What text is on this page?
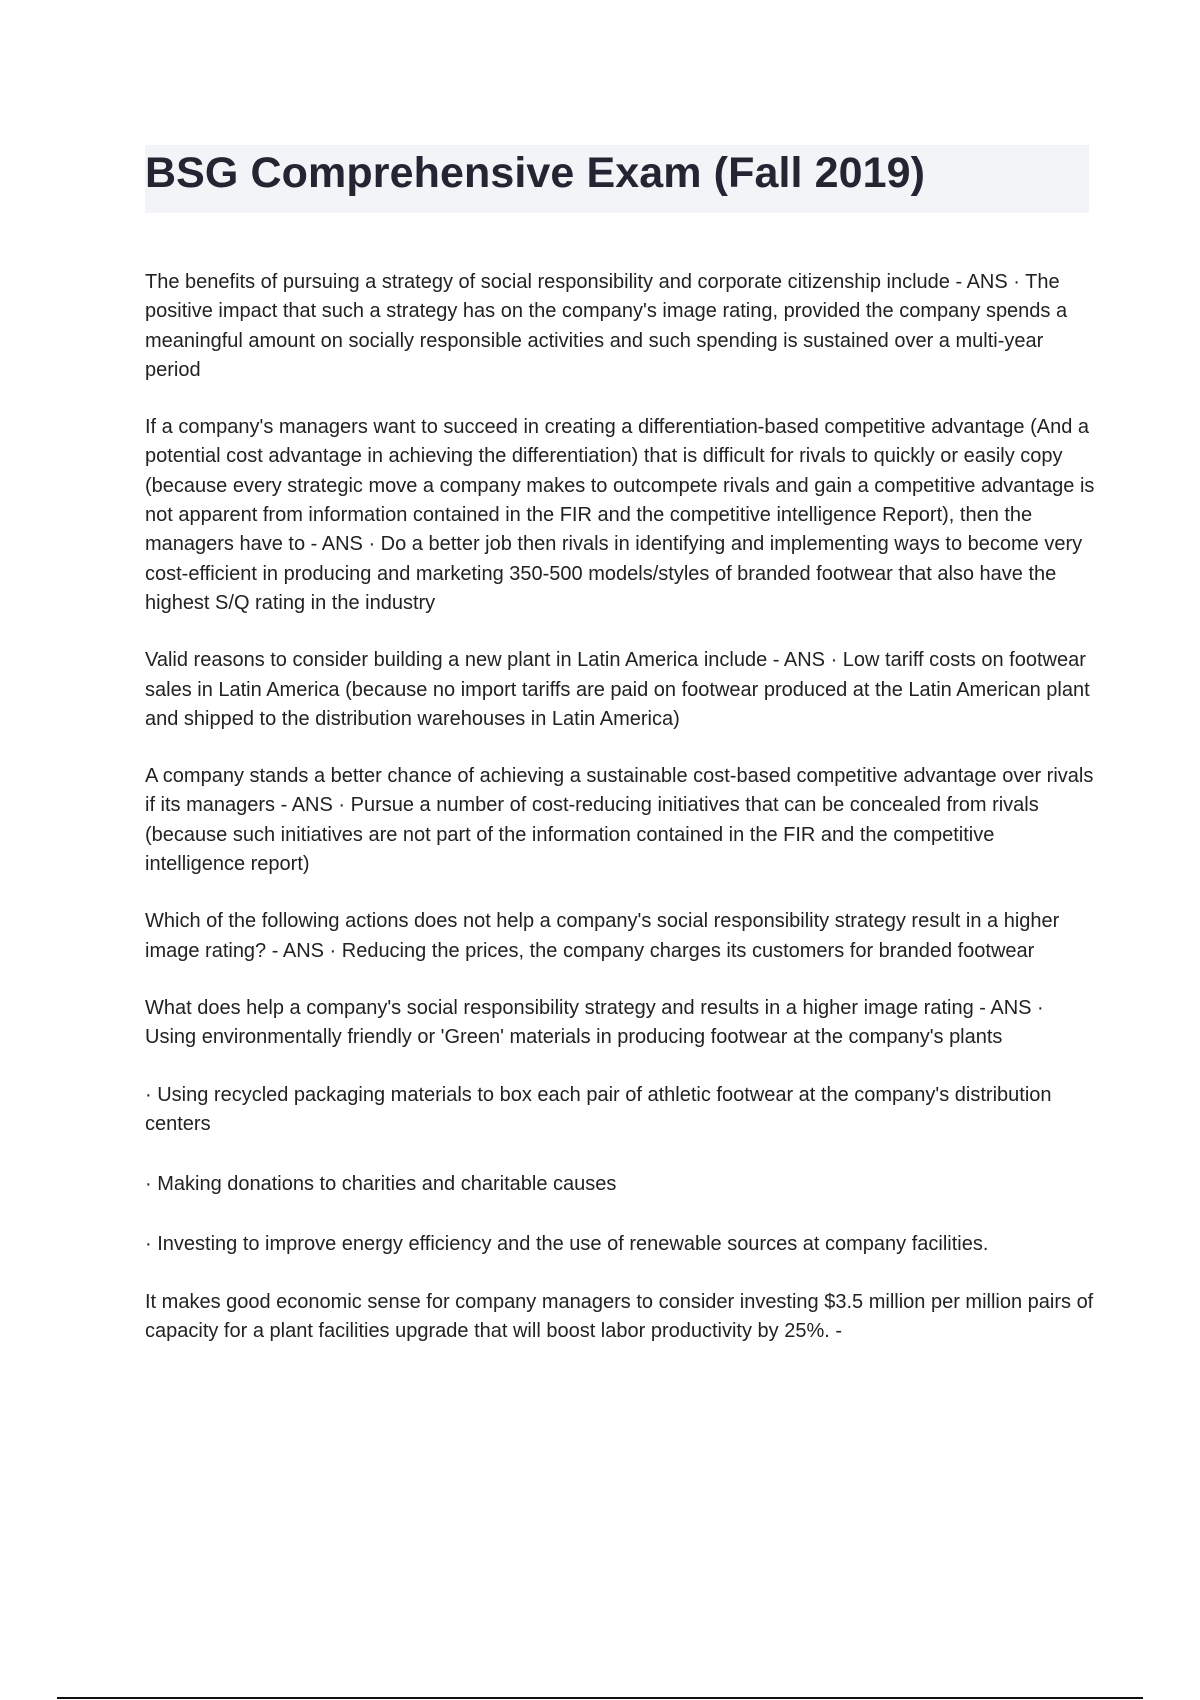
BSG Comprehensive Exam (Fall 2019)

The benefits of pursuing a strategy of social responsibility and corporate citizenship include - ANS · The positive impact that such a strategy has on the company's image rating, provided the company spends a meaningful amount on socially responsible activities and such spending is sustained over a multi-year period

If a company's managers want to succeed in creating a differentiation-based competitive advantage (And a potential cost advantage in achieving the differentiation) that is difficult for rivals to quickly or easily copy (because every strategic move a company makes to outcompete rivals and gain a competitive advantage is not apparent from information contained in the FIR and the competitive intelligence Report), then the managers have to - ANS · Do a better job then rivals in identifying and implementing ways to become very cost-efficient in producing and marketing 350-500 models/styles of branded footwear that also have the highest S/Q rating in the industry

Valid reasons to consider building a new plant in Latin America include - ANS · Low tariff costs on footwear sales in Latin America (because no import tariffs are paid on footwear produced at the Latin American plant and shipped to the distribution warehouses in Latin America)

A company stands a better chance of achieving a sustainable cost-based competitive advantage over rivals if its managers - ANS · Pursue a number of cost-reducing initiatives that can be concealed from rivals (because such initiatives are not part of the information contained in the FIR and the competitive intelligence report)

Which of the following actions does not help a company's social responsibility strategy result in a higher image rating? - ANS · Reducing the prices, the company charges its customers for branded footwear

What does help a company's social responsibility strategy and results in a higher image rating - ANS · Using environmentally friendly or 'Green' materials in producing footwear at the company's plants

· Using recycled packaging materials to box each pair of athletic footwear at the company's distribution centers

· Making donations to charities and charitable causes

· Investing to improve energy efficiency and the use of renewable sources at company facilities.

It makes good economic sense for company managers to consider investing $3.5 million per million pairs of capacity for a plant facilities upgrade that will boost labor productivity by 25%. -
